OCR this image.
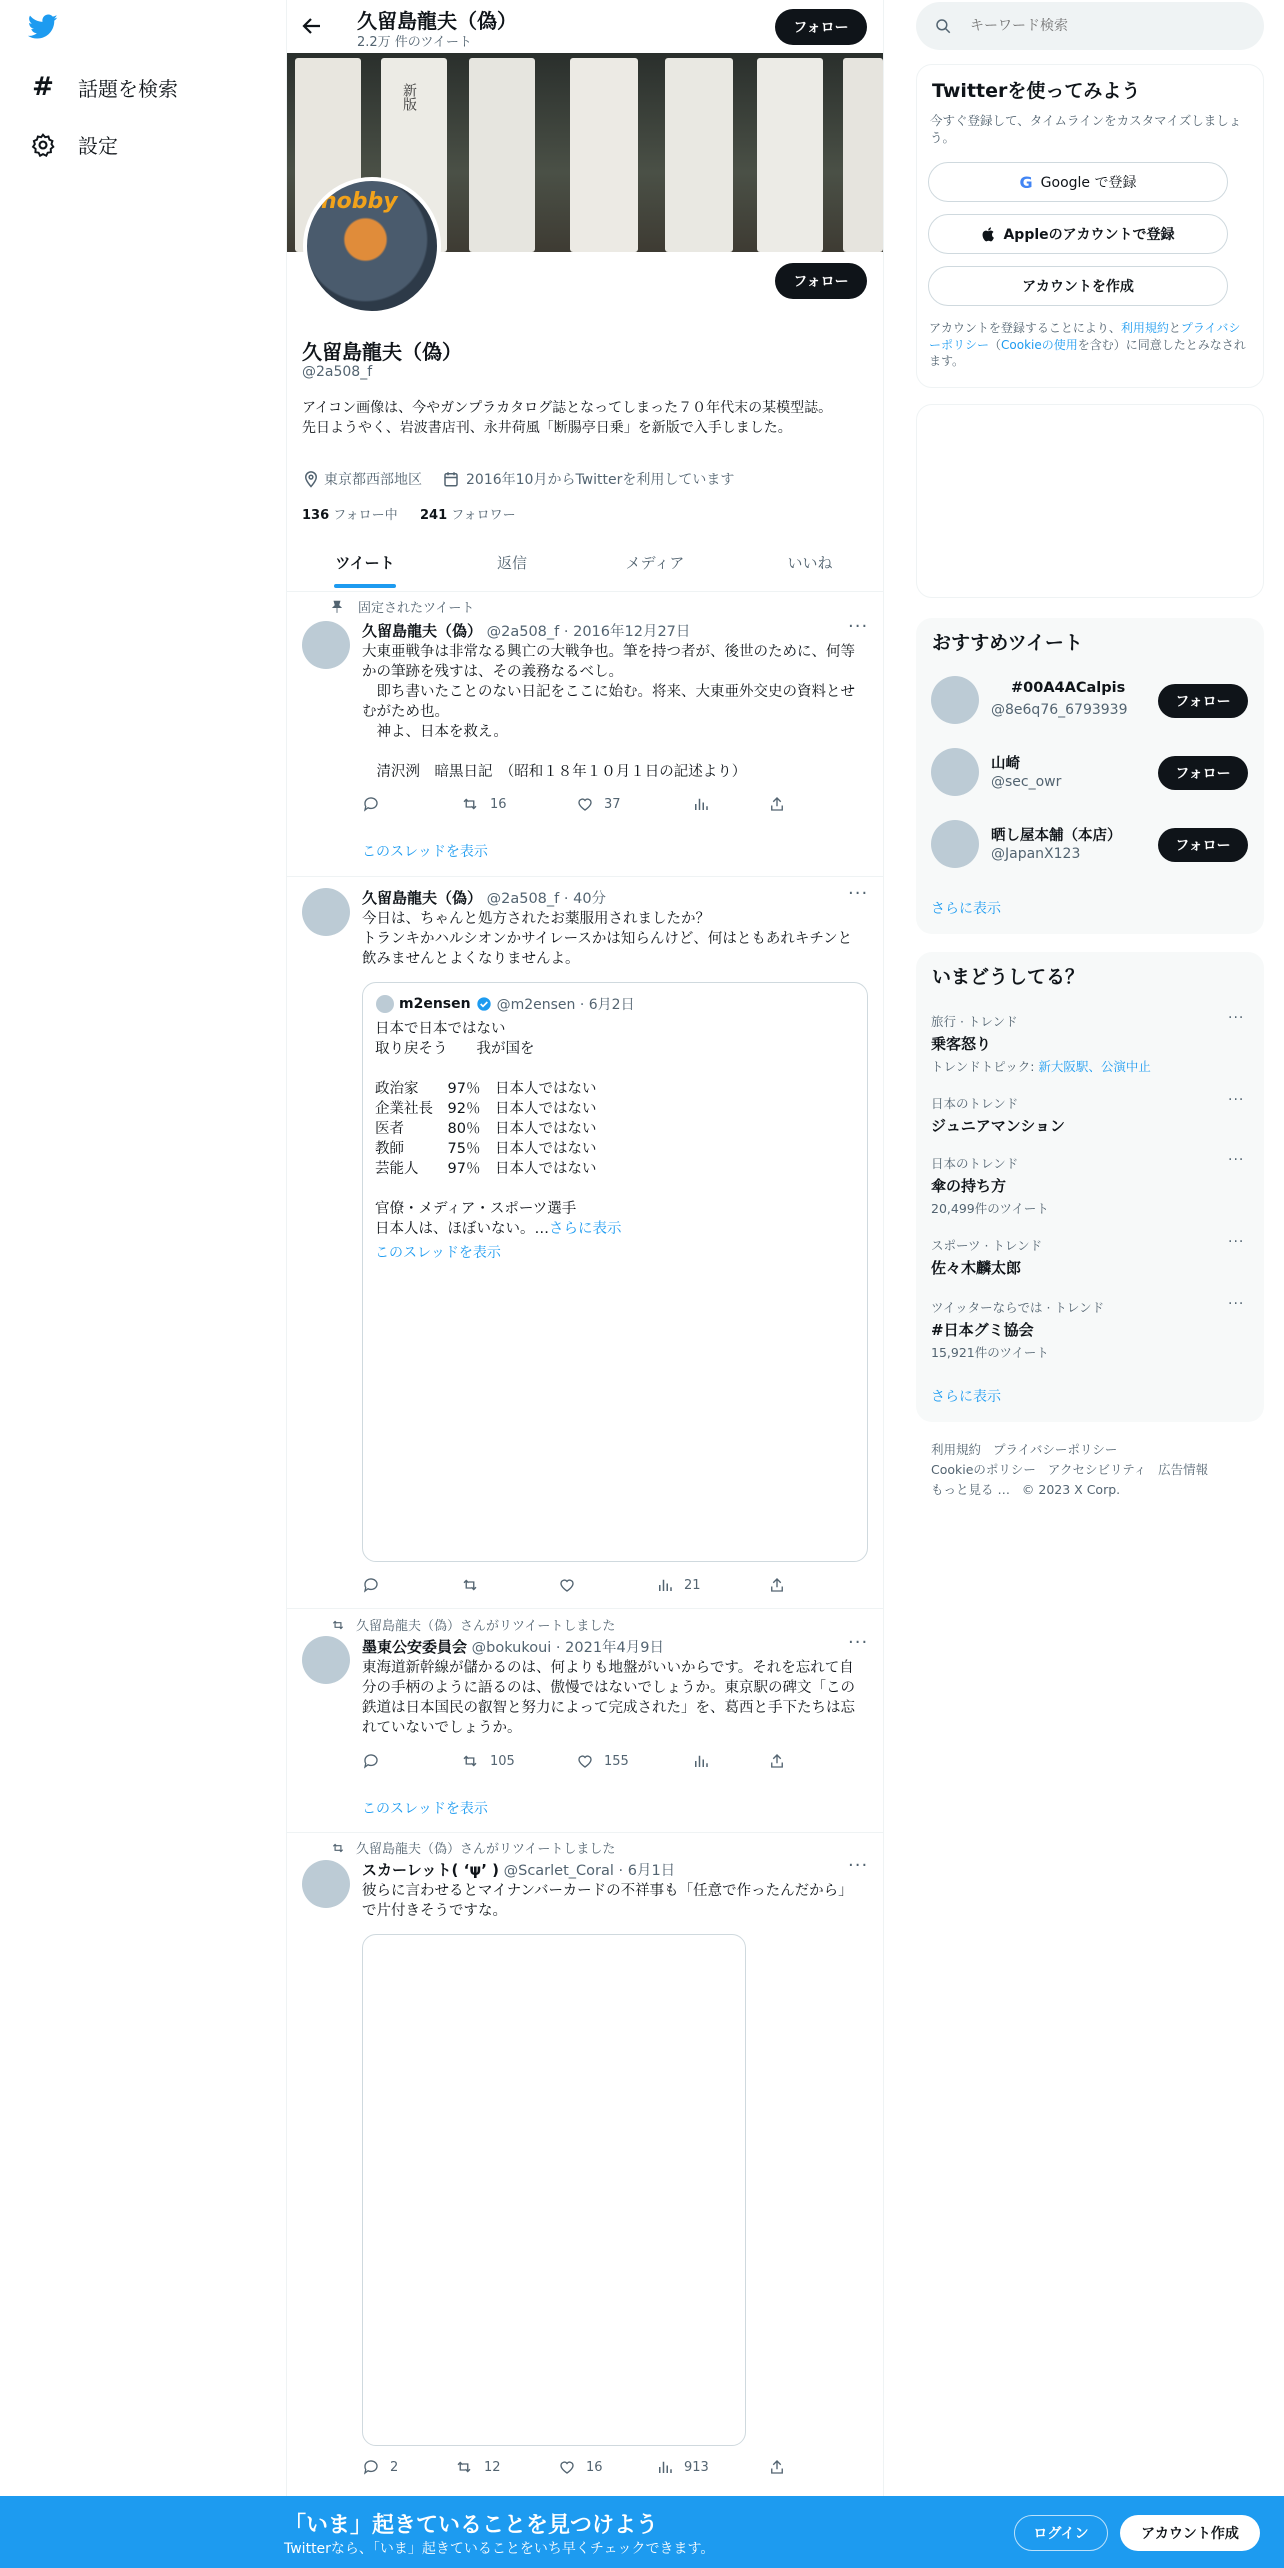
# 話題を検索
設定
久留島龍夫（偽）
2.2万 件のツイート
フォロー
新版
hobby
フォロー
久留島龍夫（偽）
@2a508_f
アイコン画像は、今やガンプラカタログ誌となってしまった７０年代末の某模型誌。
先日ようやく、岩波書店刊、永井荷風「断腸亭日乗」を新版で入手しました。
東京都西部地区	2016年10月からTwitterを利用しています
136 フォロー中 241 フォロワー
ツイート	返信	メディア	いいね
固定されたツイート
久留島龍夫（偽） @2a508_f · 2016年12月27日	···
大東亜戦争は非常なる興亡の大戦争也。筆を持つ者が、後世のために、何等かの筆跡を残すは、その義務なるべし。
　即ち書いたことのない日記をここに始む。将来、大東亜外交史の資料とせむがため也。
　神よ、日本を救え。

　清沢洌　暗黒日記　（昭和１８年１０月１日の記述より）
16	37
このスレッドを表示
久留島龍夫（偽） @2a508_f · 40分	···
今日は、ちゃんと処方されたお薬服用されましたか？
トランキかハルシオンかサイレースかは知らんけど、何はともあれキチンと飲みませんとよくなりませんよ。
m2ensen @m2ensen · 6月2日
日本で日本ではない
取り戻そう　　我が国を

政治家　　97％　日本人ではない
企業社長　92％　日本人ではない
医者　　　80％　日本人ではない
教師　　　75％　日本人ではない
芸能人　　97％　日本人ではない

官僚・メディア・スポーツ選手
日本人は、ほぼいない。…さらに表示
このスレッドを表示
21
久留島龍夫（偽）さんがリツイートしました
墨東公安委員会 @bokukoui · 2021年4月9日	···
東海道新幹線が儲かるのは、何よりも地盤がいいからです。それを忘れて自分の手柄のように語るのは、傲慢ではないでしょうか。東京駅の碑文「この鉄道は日本国民の叡智と努力によって完成された」を、葛西と手下たちは忘れていないでしょうか。
105	155
このスレッドを表示
久留島龍夫（偽）さんがリツイートしました
スカーレット( ‘ψ’ ) @Scarlet_Coral · 6月1日	···
彼らに言わせるとマイナンバーカードの不祥事も「任意で作ったんだから」で片付きそうですな。
2	12	16	913
キーワード検索
Twitterを使ってみよう
今すぐ登録して、タイムラインをカスタマイズしましょう。
G Google で登録
Appleのアカウントで登録
アカウントを作成
アカウントを登録することにより、利用規約とプライバシーポリシー（Cookieの使用を含む）に同意したとみなされます。
おすすめツイート
#00A4ACalpis
@8e6q76_6793939	フォロー
山崎
@sec_owr	フォロー
晒し屋本舗（本店）
@JapanX123	フォロー
さらに表示
いまどうしてる？
旅行 · トレンド
乗客怒り
トレンドトピック: 新大阪駅、公演中止
···
日本のトレンド
ジュニアマンション
···
日本のトレンド
傘の持ち方
20,499件のツイート
···
スポーツ · トレンド
佐々木麟太郎
···
ツイッターならでは · トレンド
#日本グミ協会
15,921件のツイート
···
さらに表示
利用規約 プライバシーポリシー
Cookieのポリシー アクセシビリティ 広告情報
もっと見る … © 2023 X Corp.
「いま」起きていることを見つけよう
Twitterなら、「いま」起きていることをいち早くチェックできます。
ログイン	アカウント作成
